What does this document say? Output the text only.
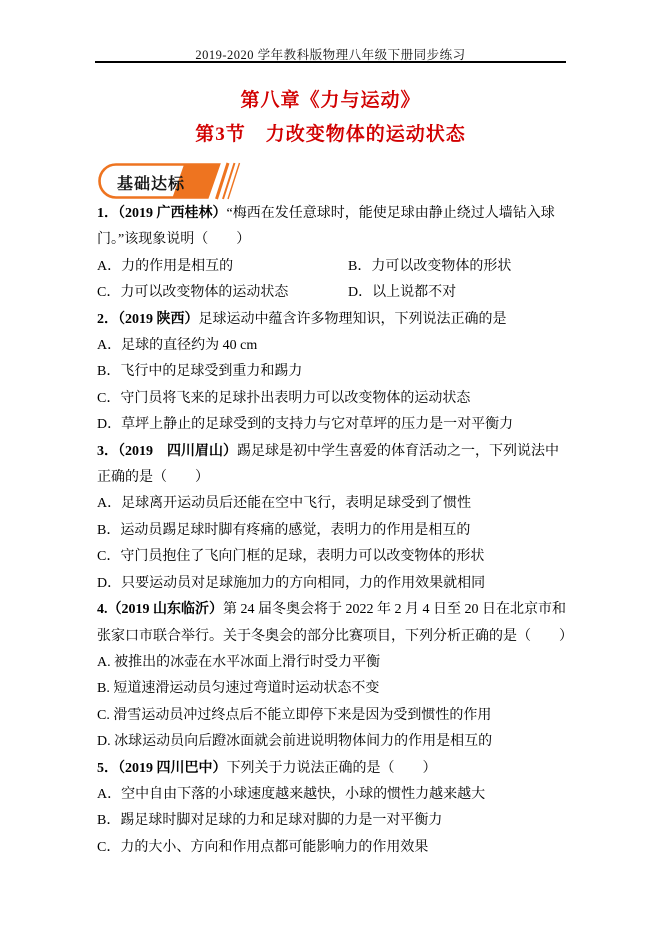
2019-2020 学年教科版物理八年级下册同步练习
第八章《力与运动》
第3节　力改变物体的运动状态
基础达标

1．（2019 广西桂林）“梅西在发任意球时，能使足球由静止绕过人墙钻入球门。”该现象说明（　　）

A．力的作用是相互的	B．力可以改变物体的形状

C．力可以改变物体的运动状态	D．以上说都不对

2．（2019 陕西）足球运动中蕴含许多物理知识，下列说法正确的是

A．足球的直径约为 40 cm

B．飞行中的足球受到重力和踢力

C．守门员将飞来的足球扑出表明力可以改变物体的运动状态

D．草坪上静止的足球受到的支持力与它对草坪的压力是一对平衡力

3．（2019　四川眉山）踢足球是初中学生喜爱的体育活动之一，下列说法中正确的是（　　）

A．足球离开运动员后还能在空中飞行，表明足球受到了惯性

B．运动员踢足球时脚有疼痛的感觉，表明力的作用是相互的

C．守门员抱住了飞向门框的足球，表明力可以改变物体的形状

D．只要运动员对足球施加力的方向相同，力的作用效果就相同

4.（2019 山东临沂）第 24 届冬奥会将于 2022 年 2 月 4 日至 20 日在北京市和张家口市联合举行。关于冬奥会的部分比赛项目，下列分析正确的是（　　）

A. 被推出的冰壶在水平冰面上滑行时受力平衡

B. 短道速滑运动员匀速过弯道时运动状态不变

C. 滑雪运动员冲过终点后不能立即停下来是因为受到惯性的作用

D. 冰球运动员向后蹬冰面就会前进说明物体间力的作用是相互的

5．（2019 四川巴中）下列关于力说法正确的是（　　）

A．空中自由下落的小球速度越来越快，小球的惯性力越来越大

B．踢足球时脚对足球的力和足球对脚的力是一对平衡力

C．力的大小、方向和作用点都可能影响力的作用效果
